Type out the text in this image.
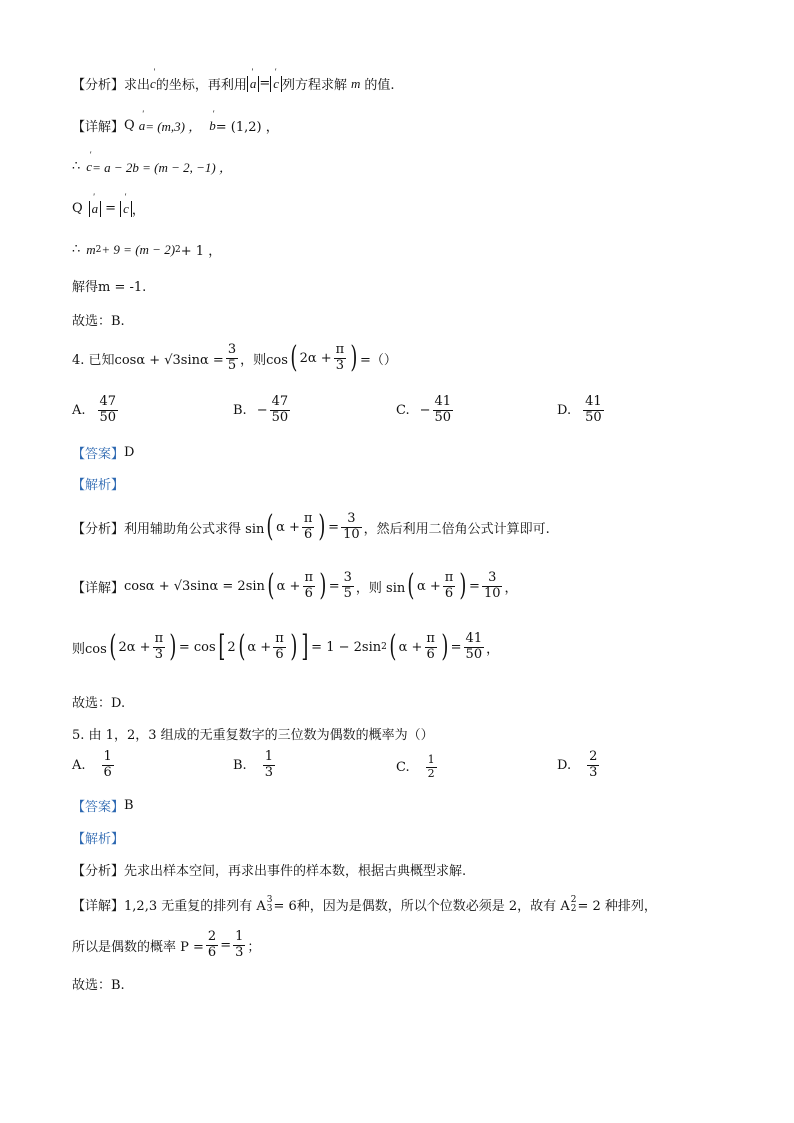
【分析】 求出 ' c 的坐标，再利用 ' a = ' c 列方程求解 m 的值.
【详解】 Q ' a = (m,3) ， ' b = (1,2) ，
∴ ' c = a − 2b = (m − 2, −1) ，
Q ' a = ' c ，
∴ m 2 + 9 = (m − 2) 2 + 1 ，
解得m = -1.
故选：B.
4. 已知$\cos\alpha + √3\sin\alpha = \frac{3}{5}$ ，则cos ( $2\alpha + \frac{\pi}{3}$ ) =（）
A. $\frac{47}{50}$	B. − $\frac{47}{50}$	C. − $\frac{41}{50}$	D. $\frac{41}{50}$
【答案】 D
【解析】
【分析】 利用辅助角公式求得 sin ( $\alpha + \frac{\pi}{6}$ ) = $\frac{3}{10}$ ，然后利用二倍角公式计算即可.
【详解】 cosα + √3sinα = 2sin ( $\alpha + \frac{\pi}{6}$ ) = $\frac{3}{5}$ ，则 sin ( $\alpha + \frac{\pi}{6}$ ) = $\frac{3}{10}$ ，
则cos ( $2\alpha + \frac{\pi}{3}$ ) = cos [ 2 ( $\alpha + \frac{\pi}{6}$ ) ] = 1 − 2sin 2 ( $\alpha + \frac{\pi}{6}$ ) = $\frac{41}{50}$ ，
故选：D.
5. 由 1，2，3 组成的无重复数字的三位数为偶数的概率为（）
A. $\frac{1}{6}$	B. $\frac{1}{3}$	C. $\frac{1}{2}$	D. $\frac{2}{3}$
【答案】 B
【解析】
【分析】 先求出样本空间，再求出事件的样本数，根据古典概型求解.
【详解】 1,2,3 无重复的排列有 A 3
3 = 6种，因为是偶数，所以个位数必须是 2，故有 A 2
2 = 2 种排列，
所以是偶数的概率 $P = \frac{2}{6} = \frac{1}{3}$ ；
故选：B.
